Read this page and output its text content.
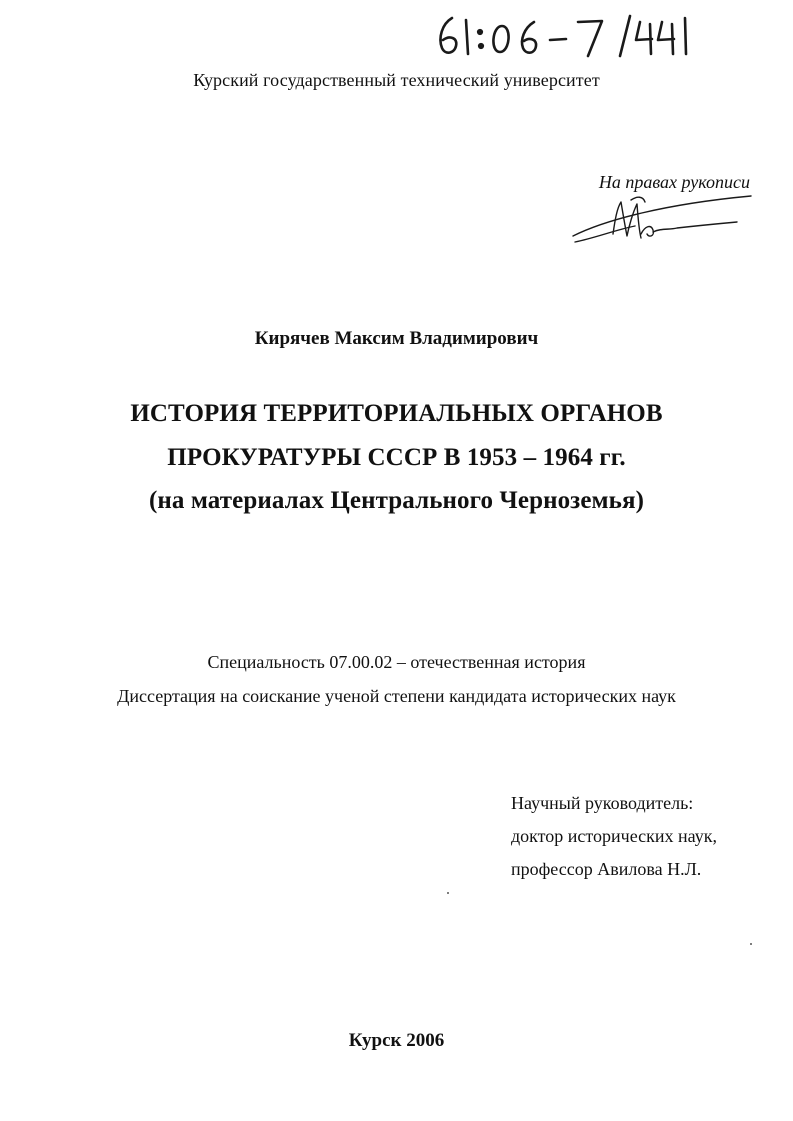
Курский государственный технический университет
На правах рукописи
Кирячев Максим Владимирович
ИСТОРИЯ ТЕРРИТОРИАЛЬНЫХ ОРГАНОВ
ПРОКУРАТУРЫ СССР В 1953 – 1964 гг.
(на материалах Центрального Черноземья)
Специальность 07.00.02 – отечественная история
Диссертация на соискание ученой степени кандидата исторических наук
Научный руководитель:
доктор исторических наук,
профессор Авилова Н.Л.
Курск 2006
